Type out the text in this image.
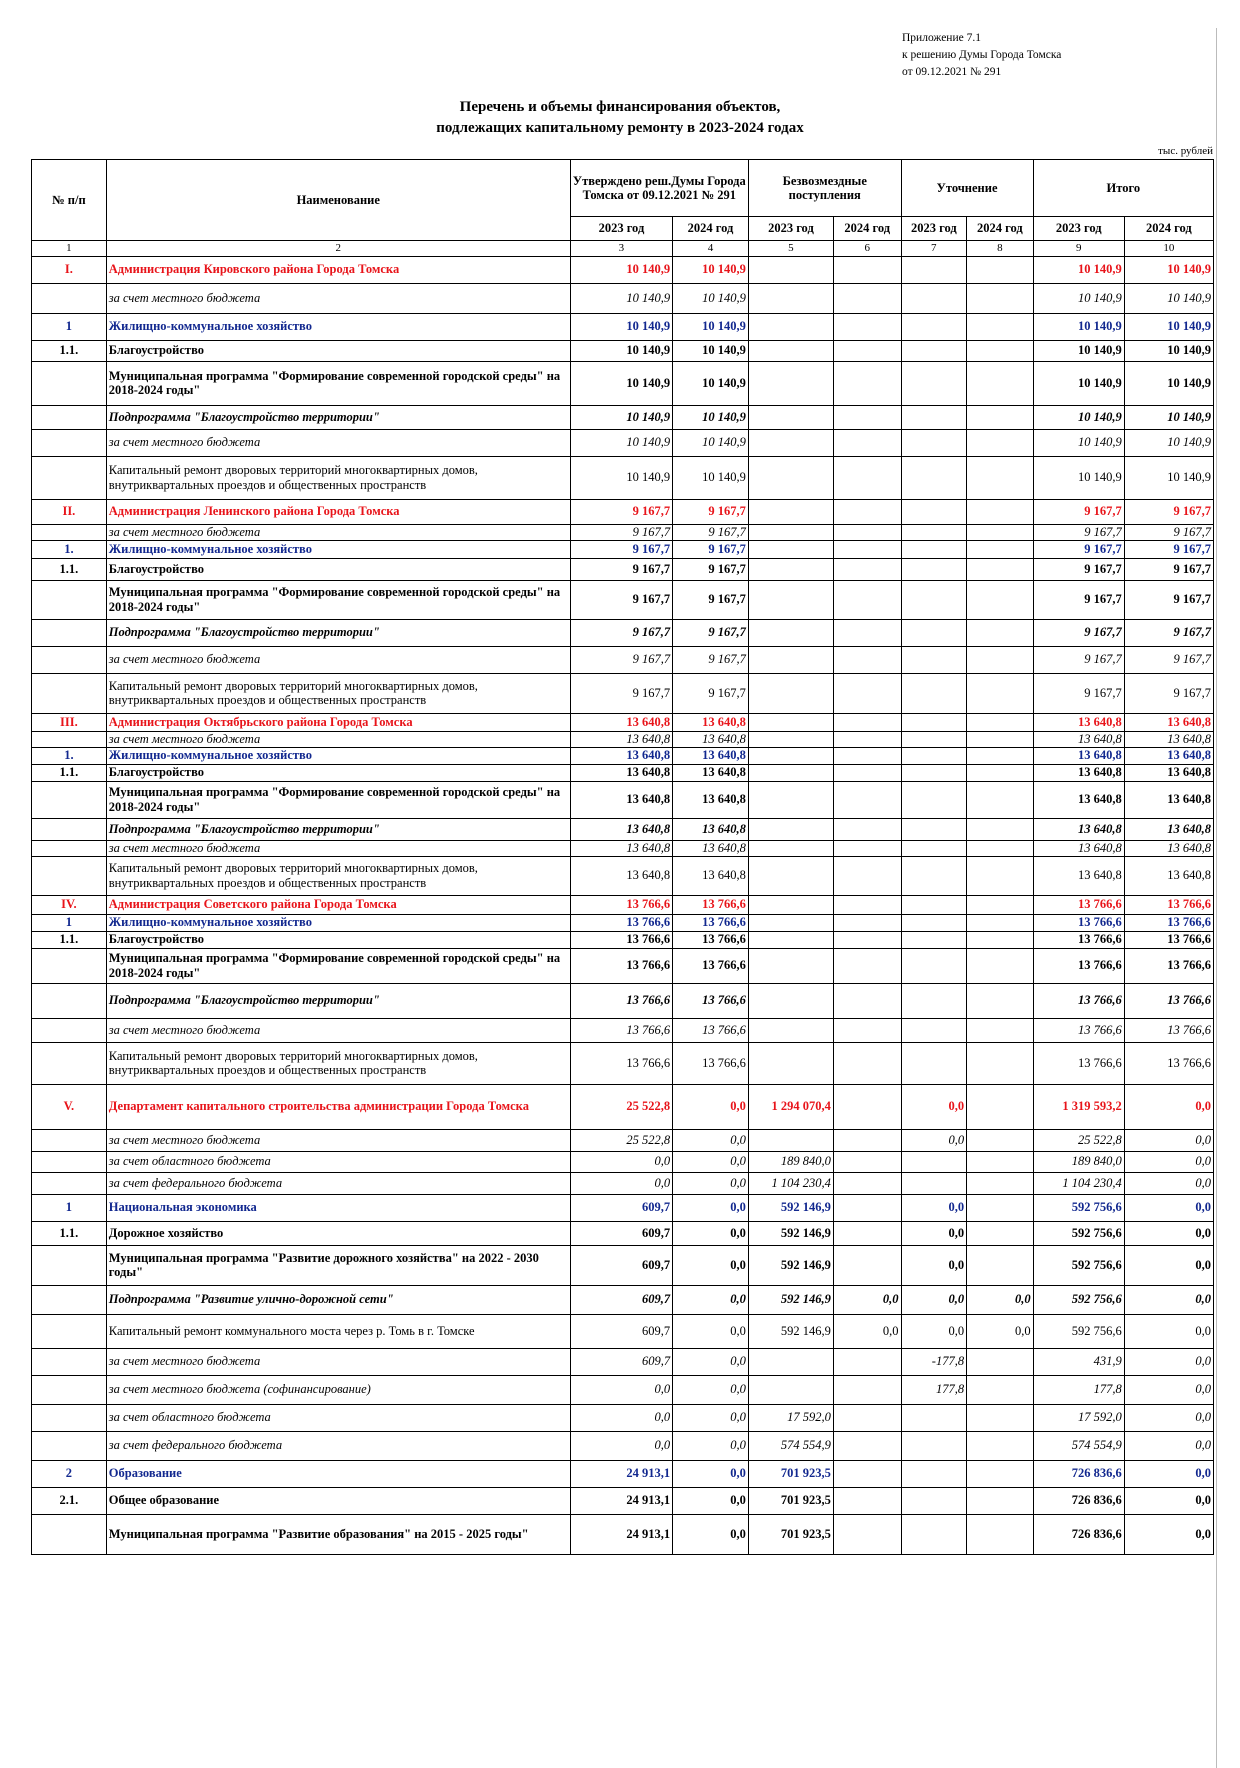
Приложение 7.1
к решению Думы Города Томска
от 09.12.2021 № 291
Перечень и объемы финансирования объектов,
подлежащих капитальному ремонту в 2023-2024 годах
тыс. рублей
№ п/п	Наименование	Утверждено реш.Думы Города Томска от 09.12.2021 № 291		Безвозмездные поступления		Уточнение		Итого	
		2023 год	2024 год	2023 год	2024 год	2023 год	2024 год	2023 год	2024 год
1	2	3	4	5	6	7	8	9	10
I.	Администрация Кировского района Города Томска	10 140,9	10 140,9					10 140,9	10 140,9
	за счет местного бюджета	10 140,9	10 140,9					10 140,9	10 140,9
1	Жилищно-коммунальное хозяйство	10 140,9	10 140,9					10 140,9	10 140,9
1.1.	Благоустройство	10 140,9	10 140,9					10 140,9	10 140,9
	Муниципальная программа "Формирование современной городской среды" на 2018-2024 годы"	10 140,9	10 140,9					10 140,9	10 140,9
	Подпрограмма "Благоустройство территории"	10 140,9	10 140,9					10 140,9	10 140,9
	за счет местного бюджета	10 140,9	10 140,9					10 140,9	10 140,9
	Капитальный ремонт дворовых территорий многоквартирных домов, внутриквартальных проездов и общественных пространств	10 140,9	10 140,9					10 140,9	10 140,9
II.	Администрация Ленинского района Города Томска	9 167,7	9 167,7					9 167,7	9 167,7
	за счет местного бюджета	9 167,7	9 167,7					9 167,7	9 167,7
1.	Жилищно-коммунальное хозяйство	9 167,7	9 167,7					9 167,7	9 167,7
1.1.	Благоустройство	9 167,7	9 167,7					9 167,7	9 167,7
	Муниципальная программа "Формирование современной городской среды" на 2018-2024 годы"	9 167,7	9 167,7					9 167,7	9 167,7
	Подпрограмма "Благоустройство территории"	9 167,7	9 167,7					9 167,7	9 167,7
	за счет местного бюджета	9 167,7	9 167,7					9 167,7	9 167,7
	Капитальный ремонт дворовых территорий многоквартирных домов, внутриквартальных проездов и общественных пространств	9 167,7	9 167,7					9 167,7	9 167,7
III.	Администрация Октябрьского района Города Томска	13 640,8	13 640,8					13 640,8	13 640,8
	за счет местного бюджета	13 640,8	13 640,8					13 640,8	13 640,8
1.	Жилищно-коммунальное хозяйство	13 640,8	13 640,8					13 640,8	13 640,8
1.1.	Благоустройство	13 640,8	13 640,8					13 640,8	13 640,8
	Муниципальная программа "Формирование современной городской среды" на 2018-2024 годы"	13 640,8	13 640,8					13 640,8	13 640,8
	Подпрограмма "Благоустройство территории"	13 640,8	13 640,8					13 640,8	13 640,8
	за счет местного бюджета	13 640,8	13 640,8					13 640,8	13 640,8
	Капитальный ремонт дворовых территорий многоквартирных домов, внутриквартальных проездов и общественных пространств	13 640,8	13 640,8					13 640,8	13 640,8
IV.	Администрация Советского района Города Томска	13 766,6	13 766,6					13 766,6	13 766,6
1	Жилищно-коммунальное хозяйство	13 766,6	13 766,6					13 766,6	13 766,6
1.1.	Благоустройство	13 766,6	13 766,6					13 766,6	13 766,6
	Муниципальная программа "Формирование современной городской среды" на 2018-2024 годы"	13 766,6	13 766,6					13 766,6	13 766,6
	Подпрограмма "Благоустройство территории"	13 766,6	13 766,6					13 766,6	13 766,6
	за счет местного бюджета	13 766,6	13 766,6					13 766,6	13 766,6
	Капитальный ремонт дворовых территорий многоквартирных домов, внутриквартальных проездов и общественных пространств	13 766,6	13 766,6					13 766,6	13 766,6
V.	Департамент капитального строительства администрации Города Томска	25 522,8	0,0	1 294 070,4		0,0		1 319 593,2	0,0
	за счет местного бюджета	25 522,8	0,0			0,0		25 522,8	0,0
	за счет областного бюджета	0,0	0,0	189 840,0				189 840,0	0,0
	за счет федерального бюджета	0,0	0,0	1 104 230,4				1 104 230,4	0,0
1	Национальная экономика	609,7	0,0	592 146,9		0,0		592 756,6	0,0
1.1.	Дорожное хозяйство	609,7	0,0	592 146,9		0,0		592 756,6	0,0
	Муниципальная программа "Развитие дорожного хозяйства" на 2022 - 2030 годы"	609,7	0,0	592 146,9		0,0		592 756,6	0,0
	Подпрограмма "Развитие улично-дорожной сети"	609,7	0,0	592 146,9	0,0	0,0	0,0	592 756,6	0,0
	Капитальный ремонт коммунального моста через р. Томь в г. Томске	609,7	0,0	592 146,9	0,0	0,0	0,0	592 756,6	0,0
	за счет местного бюджета	609,7	0,0			-177,8		431,9	0,0
	за счет местного бюджета (софинансирование)	0,0	0,0			177,8		177,8	0,0
	за счет областного бюджета	0,0	0,0	17 592,0				17 592,0	0,0
	за счет федерального бюджета	0,0	0,0	574 554,9				574 554,9	0,0
2	Образование	24 913,1	0,0	701 923,5				726 836,6	0,0
2.1.	Общее образование	24 913,1	0,0	701 923,5				726 836,6	0,0
	Муниципальная программа "Развитие образования" на 2015 - 2025 годы"	24 913,1	0,0	701 923,5				726 836,6	0,0
